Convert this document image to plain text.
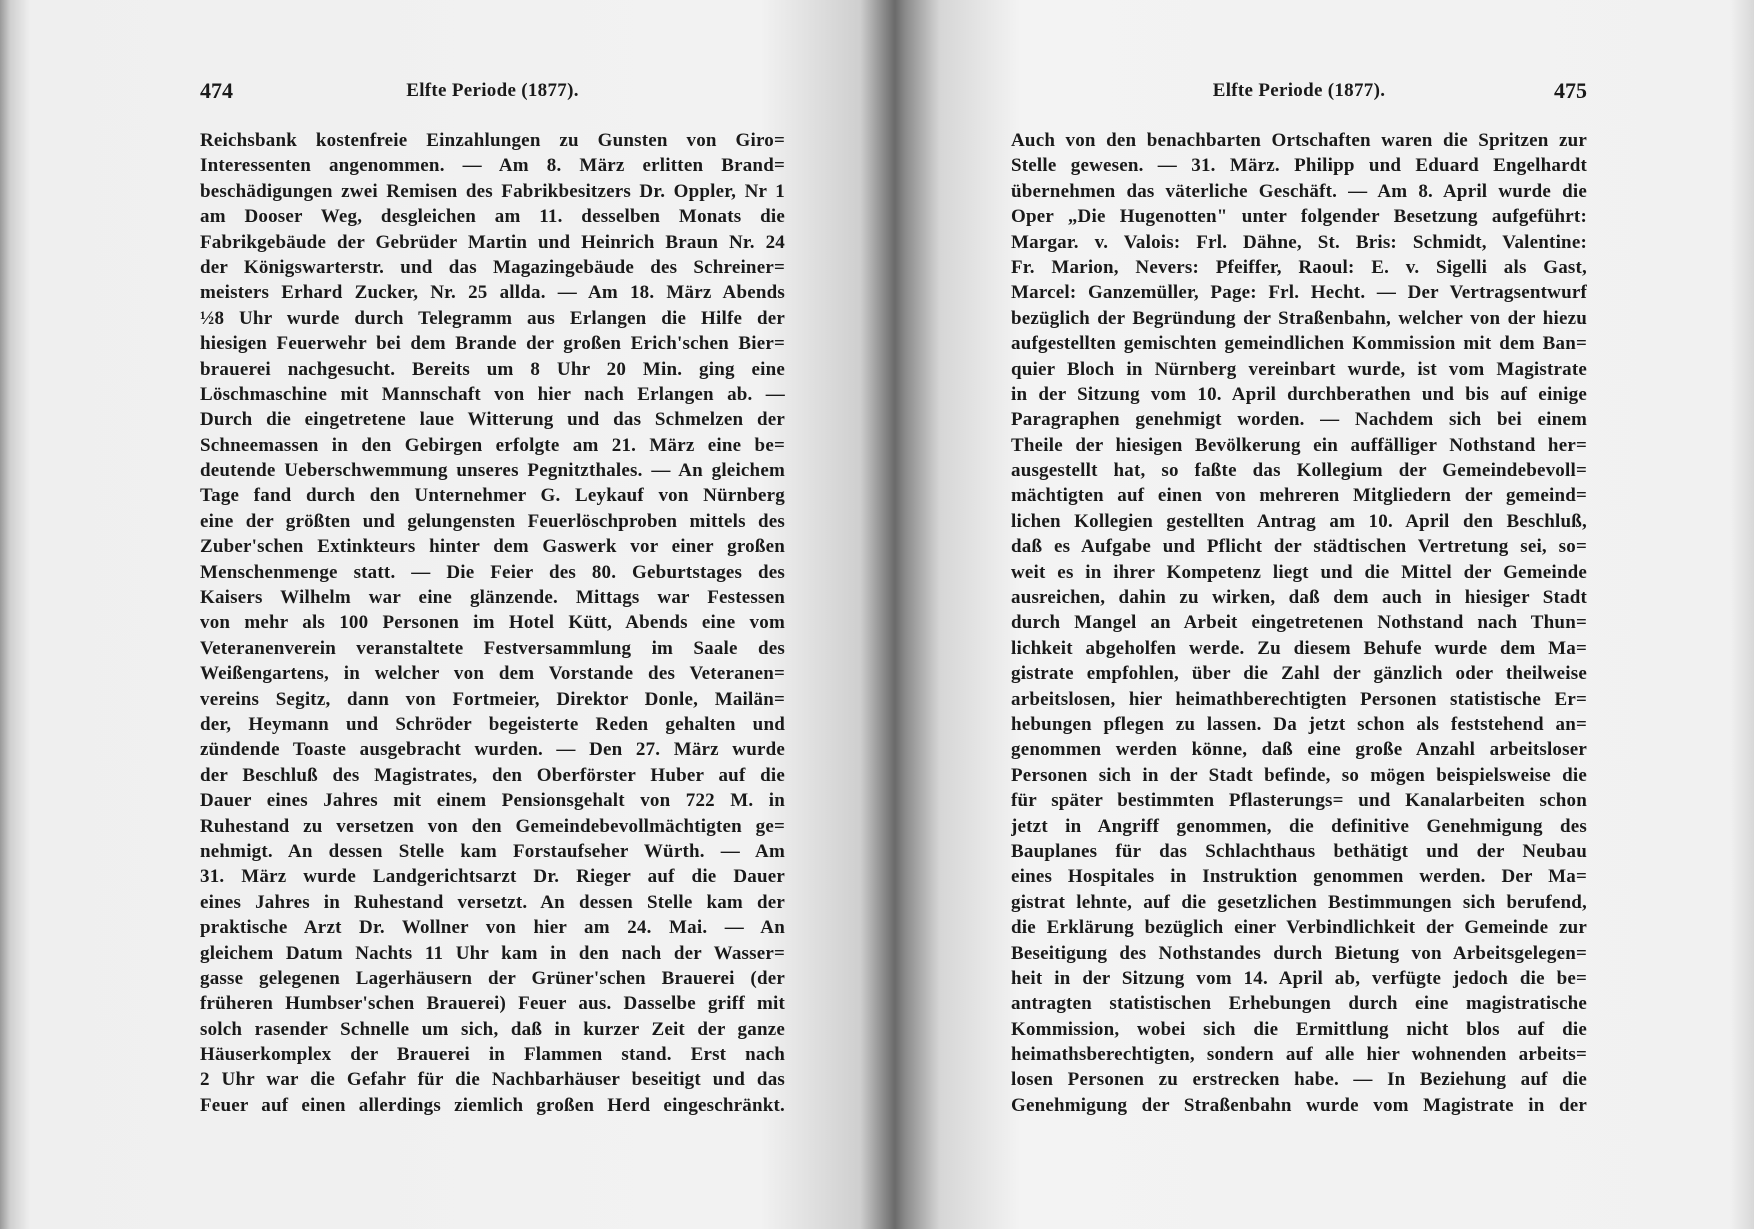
474	Elfte Periode (1877).
Reichsbank kostenfreie Einzahlungen zu Gunsten von Giro=
Interessenten angenommen. — Am 8. März erlitten Brand=
beschädigungen zwei Remisen des Fabrikbesitzers Dr. Oppler, Nr 1
am Dooser Weg, desgleichen am 11. desselben Monats die
Fabrikgebäude der Gebrüder Martin und Heinrich Braun Nr. 24
der Königswarterstr. und das Magazingebäude des Schreiner=
meisters Erhard Zucker, Nr. 25 allda. — Am 18. März Abends
½8 Uhr wurde durch Telegramm aus Erlangen die Hilfe der
hiesigen Feuerwehr bei dem Brande der großen Erich'schen Bier=
brauerei nachgesucht. Bereits um 8 Uhr 20 Min. ging eine
Löschmaschine mit Mannschaft von hier nach Erlangen ab. —
Durch die eingetretene laue Witterung und das Schmelzen der
Schneemassen in den Gebirgen erfolgte am 21. März eine be=
deutende Ueberschwemmung unseres Pegnitzthales. — An gleichem
Tage fand durch den Unternehmer G. Leykauf von Nürnberg
eine der größten und gelungensten Feuerlöschproben mittels des
Zuber'schen Extinkteurs hinter dem Gaswerk vor einer großen
Menschenmenge statt. — Die Feier des 80. Geburtstages des
Kaisers Wilhelm war eine glänzende. Mittags war Festessen
von mehr als 100 Personen im Hotel Kütt, Abends eine vom
Veteranenverein veranstaltete Festversammlung im Saale des
Weißengartens, in welcher von dem Vorstande des Veteranen=
vereins Segitz, dann von Fortmeier, Direktor Donle, Mailän=
der, Heymann und Schröder begeisterte Reden gehalten und
zündende Toaste ausgebracht wurden. — Den 27. März wurde
der Beschluß des Magistrates, den Oberförster Huber auf die
Dauer eines Jahres mit einem Pensionsgehalt von 722 M. in
Ruhestand zu versetzen von den Gemeindebevollmächtigten ge=
nehmigt. An dessen Stelle kam Forstaufseher Würth. — Am
31. März wurde Landgerichtsarzt Dr. Rieger auf die Dauer
eines Jahres in Ruhestand versetzt. An dessen Stelle kam der
praktische Arzt Dr. Wollner von hier am 24. Mai. — An
gleichem Datum Nachts 11 Uhr kam in den nach der Wasser=
gasse gelegenen Lagerhäusern der Grüner'schen Brauerei (der
früheren Humbser'schen Brauerei) Feuer aus. Dasselbe griff mit
solch rasender Schnelle um sich, daß in kurzer Zeit der ganze
Häuserkomplex der Brauerei in Flammen stand. Erst nach
2 Uhr war die Gefahr für die Nachbarhäuser beseitigt und das
Feuer auf einen allerdings ziemlich großen Herd eingeschränkt.
Elfte Periode (1877).	475
Auch von den benachbarten Ortschaften waren die Spritzen zur
Stelle gewesen. — 31. März. Philipp und Eduard Engelhardt
übernehmen das väterliche Geschäft. — Am 8. April wurde die
Oper „Die Hugenotten" unter folgender Besetzung aufgeführt:
Margar. v. Valois: Frl. Dähne, St. Bris: Schmidt, Valentine:
Fr. Marion, Nevers: Pfeiffer, Raoul: E. v. Sigelli als Gast,
Marcel: Ganzemüller, Page: Frl. Hecht. — Der Vertragsentwurf
bezüglich der Begründung der Straßenbahn, welcher von der hiezu
aufgestellten gemischten gemeindlichen Kommission mit dem Ban=
quier Bloch in Nürnberg vereinbart wurde, ist vom Magistrate
in der Sitzung vom 10. April durchberathen und bis auf einige
Paragraphen genehmigt worden. — Nachdem sich bei einem
Theile der hiesigen Bevölkerung ein auffälliger Nothstand her=
ausgestellt hat, so faßte das Kollegium der Gemeindebevoll=
mächtigten auf einen von mehreren Mitgliedern der gemeind=
lichen Kollegien gestellten Antrag am 10. April den Beschluß,
daß es Aufgabe und Pflicht der städtischen Vertretung sei, so=
weit es in ihrer Kompetenz liegt und die Mittel der Gemeinde
ausreichen, dahin zu wirken, daß dem auch in hiesiger Stadt
durch Mangel an Arbeit eingetretenen Nothstand nach Thun=
lichkeit abgeholfen werde. Zu diesem Behufe wurde dem Ma=
gistrate empfohlen, über die Zahl der gänzlich oder theilweise
arbeitslosen, hier heimathberechtigten Personen statistische Er=
hebungen pflegen zu lassen. Da jetzt schon als feststehend an=
genommen werden könne, daß eine große Anzahl arbeitsloser
Personen sich in der Stadt befinde, so mögen beispielsweise die
für später bestimmten Pflasterungs= und Kanalarbeiten schon
jetzt in Angriff genommen, die definitive Genehmigung des
Bauplanes für das Schlachthaus bethätigt und der Neubau
eines Hospitales in Instruktion genommen werden. Der Ma=
gistrat lehnte, auf die gesetzlichen Bestimmungen sich berufend,
die Erklärung bezüglich einer Verbindlichkeit der Gemeinde zur
Beseitigung des Nothstandes durch Bietung von Arbeitsgelegen=
heit in der Sitzung vom 14. April ab, verfügte jedoch die be=
antragten statistischen Erhebungen durch eine magistratische
Kommission, wobei sich die Ermittlung nicht blos auf die
heimathsberechtigten, sondern auf alle hier wohnenden arbeits=
losen Personen zu erstrecken habe. — In Beziehung auf die
Genehmigung der Straßenbahn wurde vom Magistrate in der
